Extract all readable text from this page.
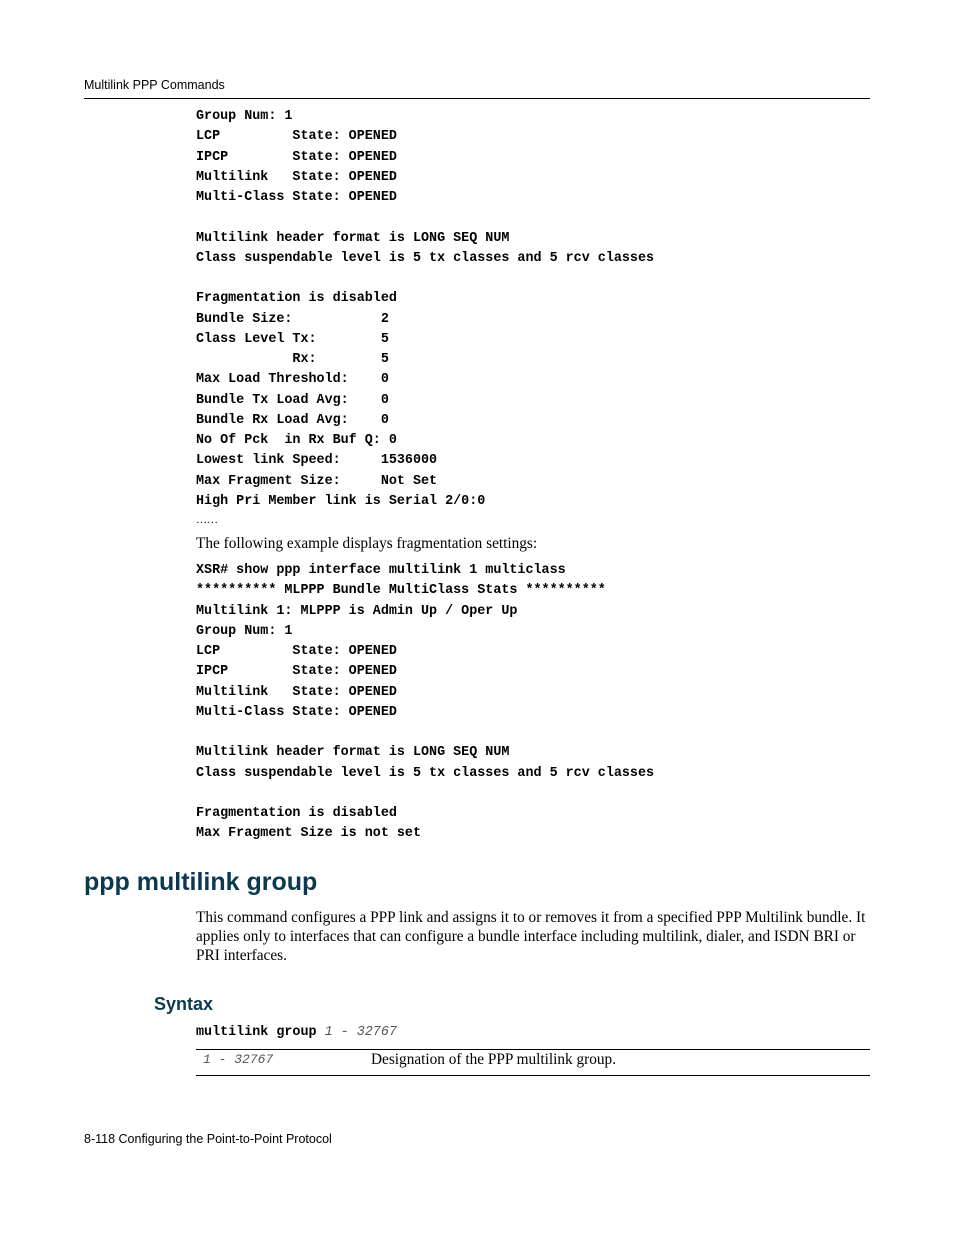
Multilink PPP Commands
Group Num: 1
LCP         State: OPENED
IPCP        State: OPENED
Multilink   State: OPENED
Multi-Class State: OPENED

Multilink header format is LONG SEQ NUM
Class suspendable level is 5 tx classes and 5 rcv classes

Fragmentation is disabled
Bundle Size:           2
Class Level Tx:        5
Rx:        5
Max Load Threshold:    0
Bundle Tx Load Avg:    0
Bundle Rx Load Avg:    0
No Of Pck  in Rx Buf Q: 0
Lowest link Speed:     1536000
Max Fragment Size:     Not Set
High Pri Member link is Serial 2/0:0
……
The following example displays fragmentation settings:
XSR# show ppp interface multilink 1 multiclass
********** MLPPP Bundle MultiClass Stats **********
Multilink 1: MLPPP is Admin Up / Oper Up
Group Num: 1
LCP         State: OPENED
IPCP        State: OPENED
Multilink   State: OPENED
Multi-Class State: OPENED

Multilink header format is LONG SEQ NUM
Class suspendable level is 5 tx classes and 5 rcv classes

Fragmentation is disabled
Max Fragment Size is not set
ppp multilink group
This command configures a PPP link and assigns it to or removes it from a specified PPP Multilink bundle. It applies only to interfaces that can configure a bundle interface including multilink, dialer, and ISDN BRI or PRI interfaces.
Syntax
multilink group 1 - 32767
1 - 32767	Designation of the PPP multilink group.
8-118 Configuring the Point-to-Point Protocol
